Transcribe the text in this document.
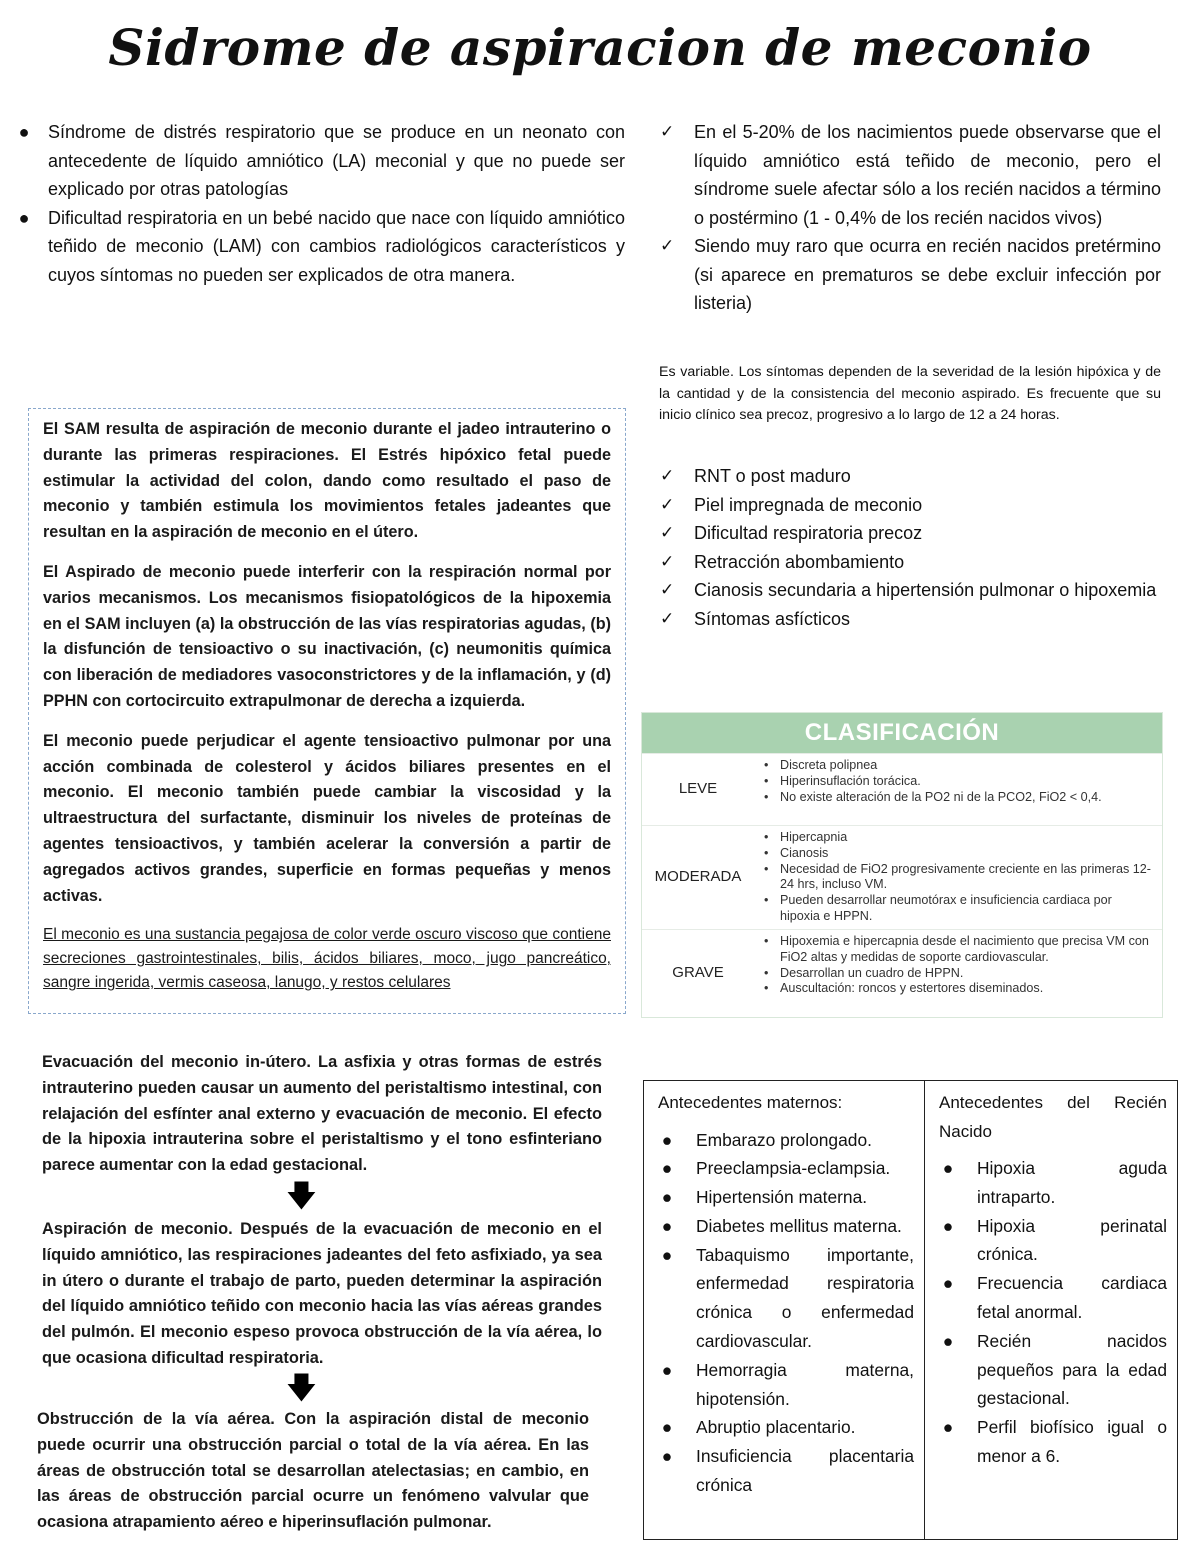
Sidrome de aspiracion de meconio
● Síndrome de distrés respiratorio que se produce en un neonato con antecedente de líquido amniótico (LA) meconial y que no puede ser explicado por otras patologías
● Dificultad respiratoria en un bebé nacido que nace con líquido amniótico teñido de meconio (LAM) con cambios radiológicos característicos y cuyos síntomas no pueden ser explicados de otra manera.
✓ En el 5-20% de los nacimientos puede observarse que el líquido amniótico está teñido de meconio, pero el síndrome suele afectar sólo a los recién nacidos a término o postérmino (1 - 0,4% de los recién nacidos vivos)
✓ Siendo muy raro que ocurra en recién nacidos pretérmino (si aparece en prematuros se debe excluir infección por listeria)
Es variable. Los síntomas dependen de la severidad de la lesión hipóxica y de la cantidad y de la consistencia del meconio aspirado. Es frecuente que su inicio clínico sea precoz, progresivo a lo largo de 12 a 24 horas.
✓ RNT o post maduro
✓ Piel impregnada de meconio
✓ Dificultad respiratoria precoz
✓ Retracción abombamiento
✓ Cianosis secundaria a hipertensión pulmonar o hipoxemia
✓ Síntomas asfícticos

El SAM resulta de aspiración de meconio durante el jadeo intrauterino o durante las primeras respiraciones. El Estrés hipóxico fetal puede estimular la actividad del colon, dando como resultado el paso de meconio y también estimula los movimientos fetales jadeantes que resultan en la aspiración de meconio en el útero.

El Aspirado de meconio puede interferir con la respiración normal por varios mecanismos. Los mecanismos fisiopatológicos de la hipoxemia en el SAM incluyen (a) la obstrucción de las vías respiratorias agudas, (b) la disfunción de tensioactivo o su inactivación, (c) neumonitis química con liberación de mediadores vasoconstrictores y de la inflamación, y (d) PPHN con cortocircuito extrapulmonar de derecha a izquierda.

El meconio puede perjudicar el agente tensioactivo pulmonar por una acción combinada de colesterol y ácidos biliares presentes en el meconio. El meconio también puede cambiar la viscosidad y la ultraestructura del surfactante, disminuir los niveles de proteínas de agentes tensioactivos, y también acelerar la conversión a partir de agregados activos grandes, superficie en formas pequeñas y menos activas.

El meconio es una sustancia pegajosa de color verde oscuro viscoso que contiene secreciones gastrointestinales, bilis, ácidos biliares, moco, jugo pancreático, sangre ingerida, vermis caseosa, lanugo, y restos celulares

Evacuación del meconio in-útero. La asfixia y otras formas de estrés intrauterino pueden causar un aumento del peristaltismo intestinal, con relajación del esfínter anal externo y evacuación de meconio. El efecto de la hipoxia intrauterina sobre el peristaltismo y el tono esfinteriano parece aumentar con la edad gestacional.

🡇

Aspiración de meconio. Después de la evacuación de meconio en el líquido amniótico, las respiraciones jadeantes del feto asfixiado, ya sea in útero o durante el trabajo de parto, pueden determinar la aspiración del líquido amniótico teñido con meconio hacia las vías aéreas grandes del pulmón. El meconio espeso provoca obstrucción de la vía aérea, lo que ocasiona dificultad respiratoria.

🡇

Obstrucción de la vía aérea. Con la aspiración distal de meconio puede ocurrir una obstrucción parcial o total de la vía aérea. En las áreas de obstrucción total se desarrollan atelectasias; en cambio, en las áreas de obstrucción parcial ocurre un fenómeno valvular que ocasiona atrapamiento aéreo e hiperinsuflación pulmonar.

CLASIFICACIÓN
LEVE
• Discreta polipnea
• Hiperinsuflación torácica.
• No existe alteración de la PO2 ni de la PCO2, FiO2 < 0,4.
MODERADA
• Hipercapnia
• Cianosis
• Necesidad de FiO2 progresivamente creciente en las primeras 12-24 hrs, incluso VM.
• Pueden desarrollar neumotórax e insuficiencia cardiaca por hipoxia e HPPN.
GRAVE
• Hipoxemia e hipercapnia desde el nacimiento que precisa VM con FiO2 altas y medidas de soporte cardiovascular.
• Desarrollan un cuadro de HPPN.
• Auscultación: roncos y estertores diseminados.

Antecedentes maternos:

● Embarazo prolongado.
● Preeclampsia-eclampsia.
● Hipertensión materna.
● Diabetes mellitus materna.
● Tabaquismo importante, enfermedad respiratoria crónica o enfermedad cardiovascular.
● Hemorragia materna, hipotensión.
● Abruptio placentario.
● Insuficiencia placentaria crónica

Antecedentes del Recién Nacido

● Hipoxia aguda intraparto.
● Hipoxia perinatal crónica.
● Frecuencia cardiaca fetal anormal.
● Recién nacidos pequeños para la edad gestacional.
● Perfil biofísico igual o menor a 6.
